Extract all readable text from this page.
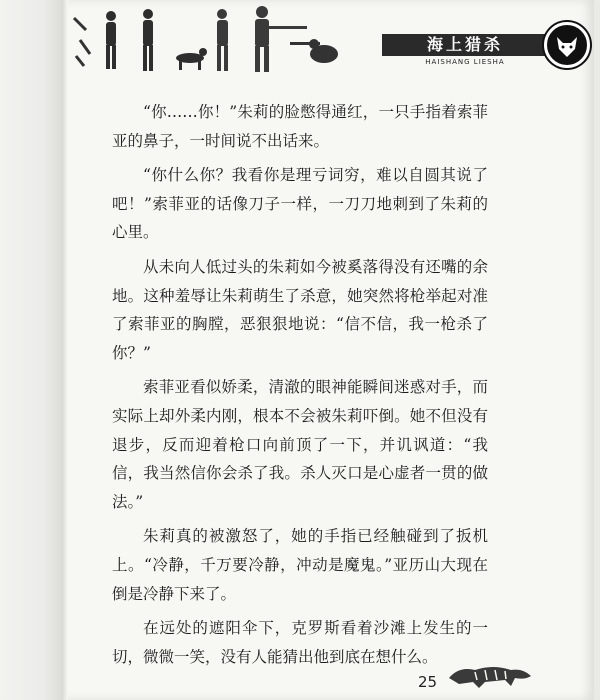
海上猎杀
HAISHANG LIESHA

“你……你！”朱莉的脸憋得通红，一只手指着索菲亚的鼻子，一时间说不出话来。

“你什么你？我看你是理亏词穷，难以自圆其说了吧！”索菲亚的话像刀子一样，一刀刀地刺到了朱莉的心里。

从未向人低过头的朱莉如今被奚落得没有还嘴的余地。这种羞辱让朱莉萌生了杀意，她突然将枪举起对准了索菲亚的胸膛，恶狠狠地说：“信不信，我一枪杀了你？”

索菲亚看似娇柔，清澈的眼神能瞬间迷惑对手，而实际上却外柔内刚，根本不会被朱莉吓倒。她不但没有退步，反而迎着枪口向前顶了一下，并讥讽道：“我信，我当然信你会杀了我。杀人灭口是心虚者一贯的做法。”

朱莉真的被激怒了，她的手指已经触碰到了扳机上。“冷静，千万要冷静，冲动是魔鬼。”亚历山大现在倒是冷静下来了。

在远处的遮阳伞下，克罗斯看着沙滩上发生的一切，微微一笑，没有人能猜出他到底在想什么。

25
